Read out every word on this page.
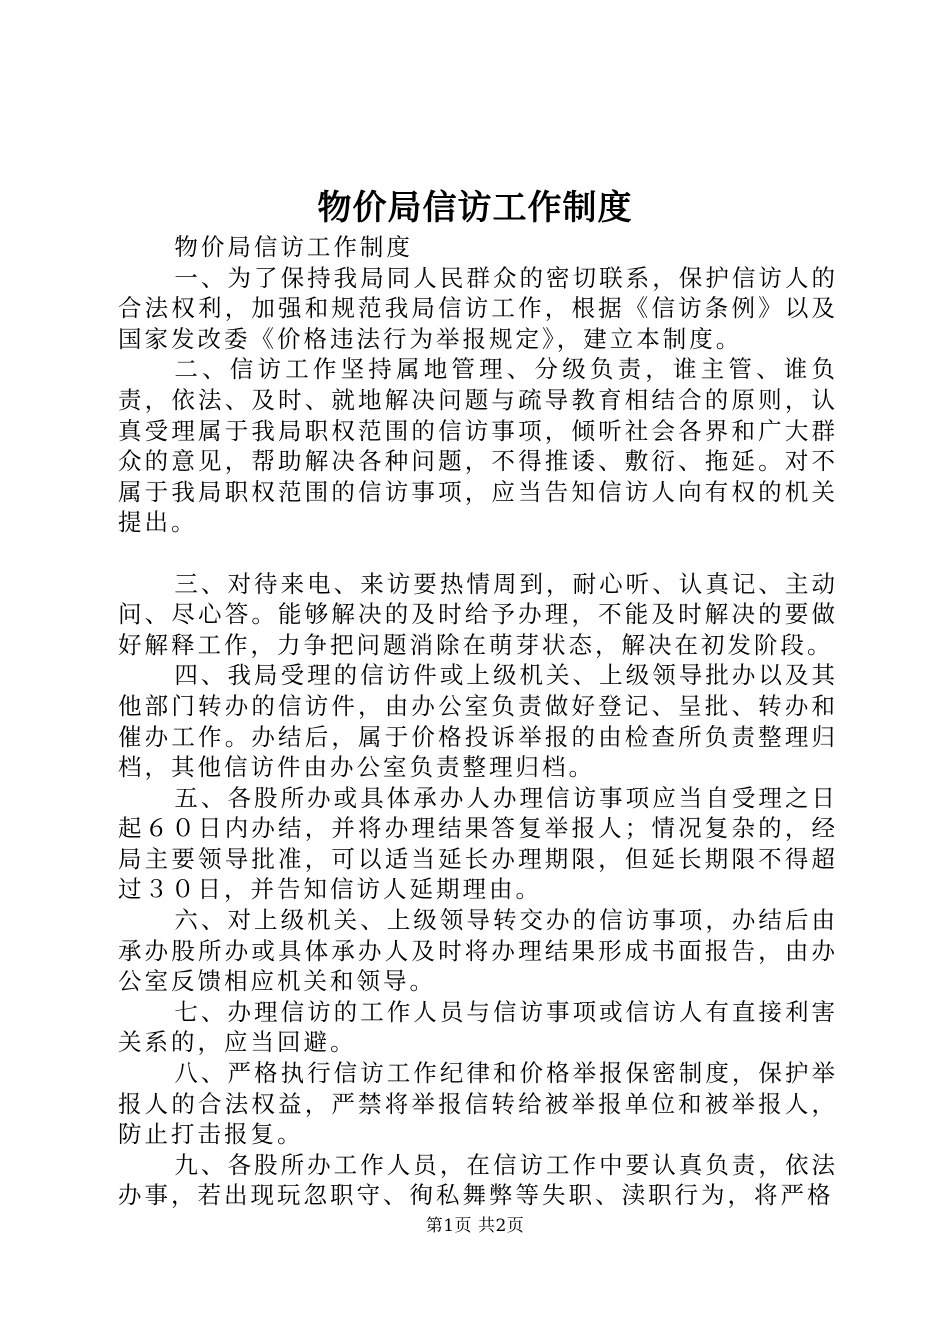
物价局信访工作制度

物价局信访工作制度

一、为了保持我局同人民群众的密切联系，保护信访人的合法权利，加强和规范我局信访工作，根据《信访条例》以及国家发改委《价格违法行为举报规定》，建立本制度。

二、信访工作坚持属地管理、分级负责，谁主管、谁负责，依法、及时、就地解决问题与疏导教育相结合的原则，认真受理属于我局职权范围的信访事项，倾听社会各界和广大群众的意见，帮助解决各种问题，不得推诿、敷衍、拖延。对不属于我局职权范围的信访事项，应当告知信访人向有权的机关提出。

三、对待来电、来访要热情周到，耐心听、认真记、主动问、尽心答。能够解决的及时给予办理，不能及时解决的要做好解释工作，力争把问题消除在萌芽状态，解决在初发阶段。

四、我局受理的信访件或上级机关、上级领导批办以及其他部门转办的信访件，由办公室负责做好登记、呈批、转办和催办工作。办结后，属于价格投诉举报的由检查所负责整理归档，其他信访件由办公室负责整理归档。

五、各股所办或具体承办人办理信访事项应当自受理之日起６０日内办结，并将办理结果答复举报人；情况复杂的，经局主要领导批准，可以适当延长办理期限，但延长期限不得超过３０日，并告知信访人延期理由。

六、对上级机关、上级领导转交办的信访事项，办结后由承办股所办或具体承办人及时将办理结果形成书面报告，由办公室反馈相应机关和领导。

七、办理信访的工作人员与信访事项或信访人有直接利害关系的，应当回避。

八、严格执行信访工作纪律和价格举报保密制度，保护举报人的合法权益，严禁将举报信转给被举报单位和被举报人，防止打击报复。

九、各股所办工作人员，在信访工作中要认真负责，依法办事，若出现玩忽职守、徇私舞弊等失职、渎职行为，将严格

第1页 共2页
